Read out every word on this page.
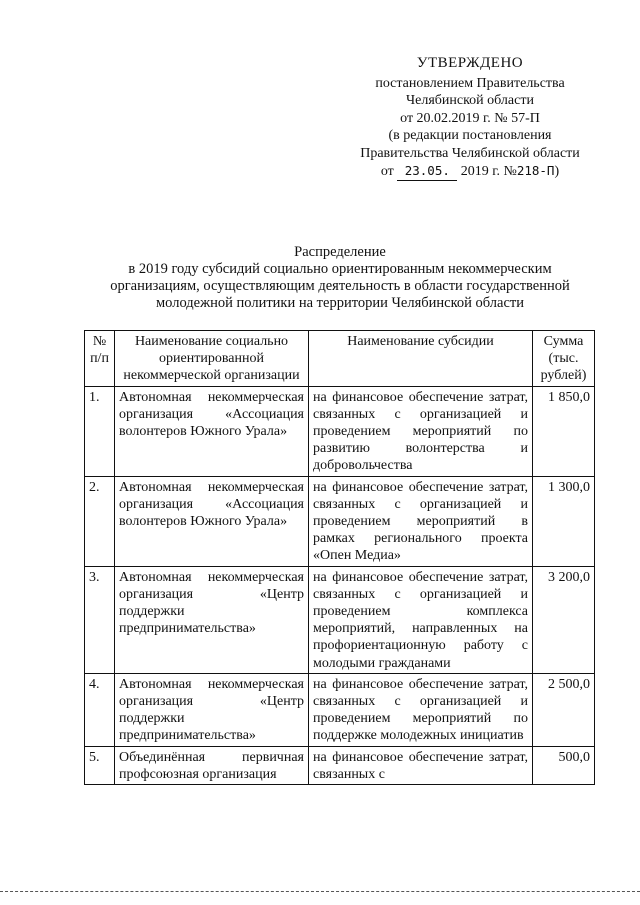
УТВЕРЖДЕНО
постановлением Правительства
Челябинской области
от 20.02.2019 г. № 57-П
(в редакции постановления
Правительства Челябинской области
от 23.05. 2019 г. №218-П)
Распределение
в 2019 году субсидий социально ориентированным некоммерческим организациям, осуществляющим деятельность в области государственной молодежной политики на территории Челябинской области
№ п/п	Наименование социально ориентированной некоммерческой организации	Наименование субсидии	Сумма (тыс. рублей)
1.	Автономная некоммерческая организация «Ассоциация волонтеров Южного Урала»	на финансовое обеспечение затрат, связанных с организацией и проведением мероприятий по развитию волонтерства и добровольчества	1 850,0
2.	Автономная некоммерческая организация «Ассоциация волонтеров Южного Урала»	на финансовое обеспечение затрат, связанных с организацией и проведением мероприятий в рамках регионального проекта «Опен Медиа»	1 300,0
3.	Автономная некоммерческая организация «Центр поддержки предпринимательства»	на финансовое обеспечение затрат, связанных с организацией и проведением комплекса мероприятий, направленных на профориентационную работу с молодыми гражданами	3 200,0
4.	Автономная некоммерческая организация «Центр поддержки предпринимательства»	на финансовое обеспечение затрат, связанных с организацией и проведением мероприятий по поддержке молодежных инициатив	2 500,0
5.	Объединённая первичная профсоюзная организация	на финансовое обеспечение затрат, связанных с	500,0
